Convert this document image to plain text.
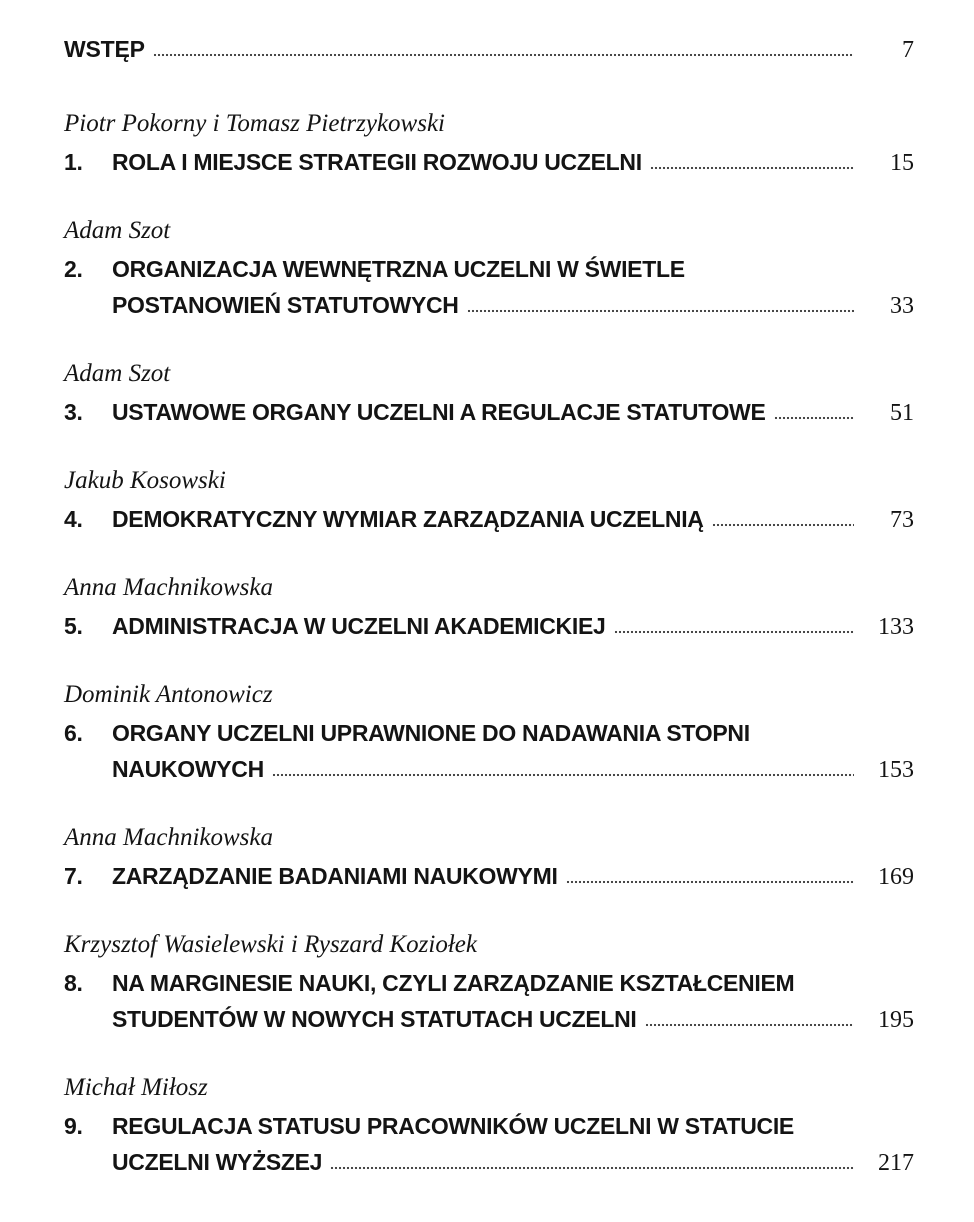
WSTĘP	7
Piotr Pokorny i Tomasz Pietrzykowski
1.	ROLA I MIEJSCE STRATEGII ROZWOJU UCZELNI	15
Adam Szot
2.	ORGANIZACJA WEWNĘTRZNA UCZELNI W ŚWIETLE
POSTANOWIEŃ STATUTOWYCH	33
Adam Szot
3.	USTAWOWE ORGANY UCZELNI A REGULACJE STATUTOWE	51
Jakub Kosowski
4.	DEMOKRATYCZNY WYMIAR ZARZĄDZANIA UCZELNIĄ	73
Anna Machnikowska
5.	ADMINISTRACJA W UCZELNI AKADEMICKIEJ	133
Dominik Antonowicz
6.	ORGANY UCZELNI UPRAWNIONE DO NADAWANIA STOPNI
NAUKOWYCH	153
Anna Machnikowska
7.	ZARZĄDZANIE BADANIAMI NAUKOWYMI	169
Krzysztof Wasielewski i Ryszard Koziołek
8.	NA MARGINESIE NAUKI, CZYLI ZARZĄDZANIE KSZTAŁCENIEM
STUDENTÓW W NOWYCH STATUTACH UCZELNI	195
Michał Miłosz
9.	REGULACJA STATUSU PRACOWNIKÓW UCZELNI W STATUCIE
UCZELNI WYŻSZEJ	217
